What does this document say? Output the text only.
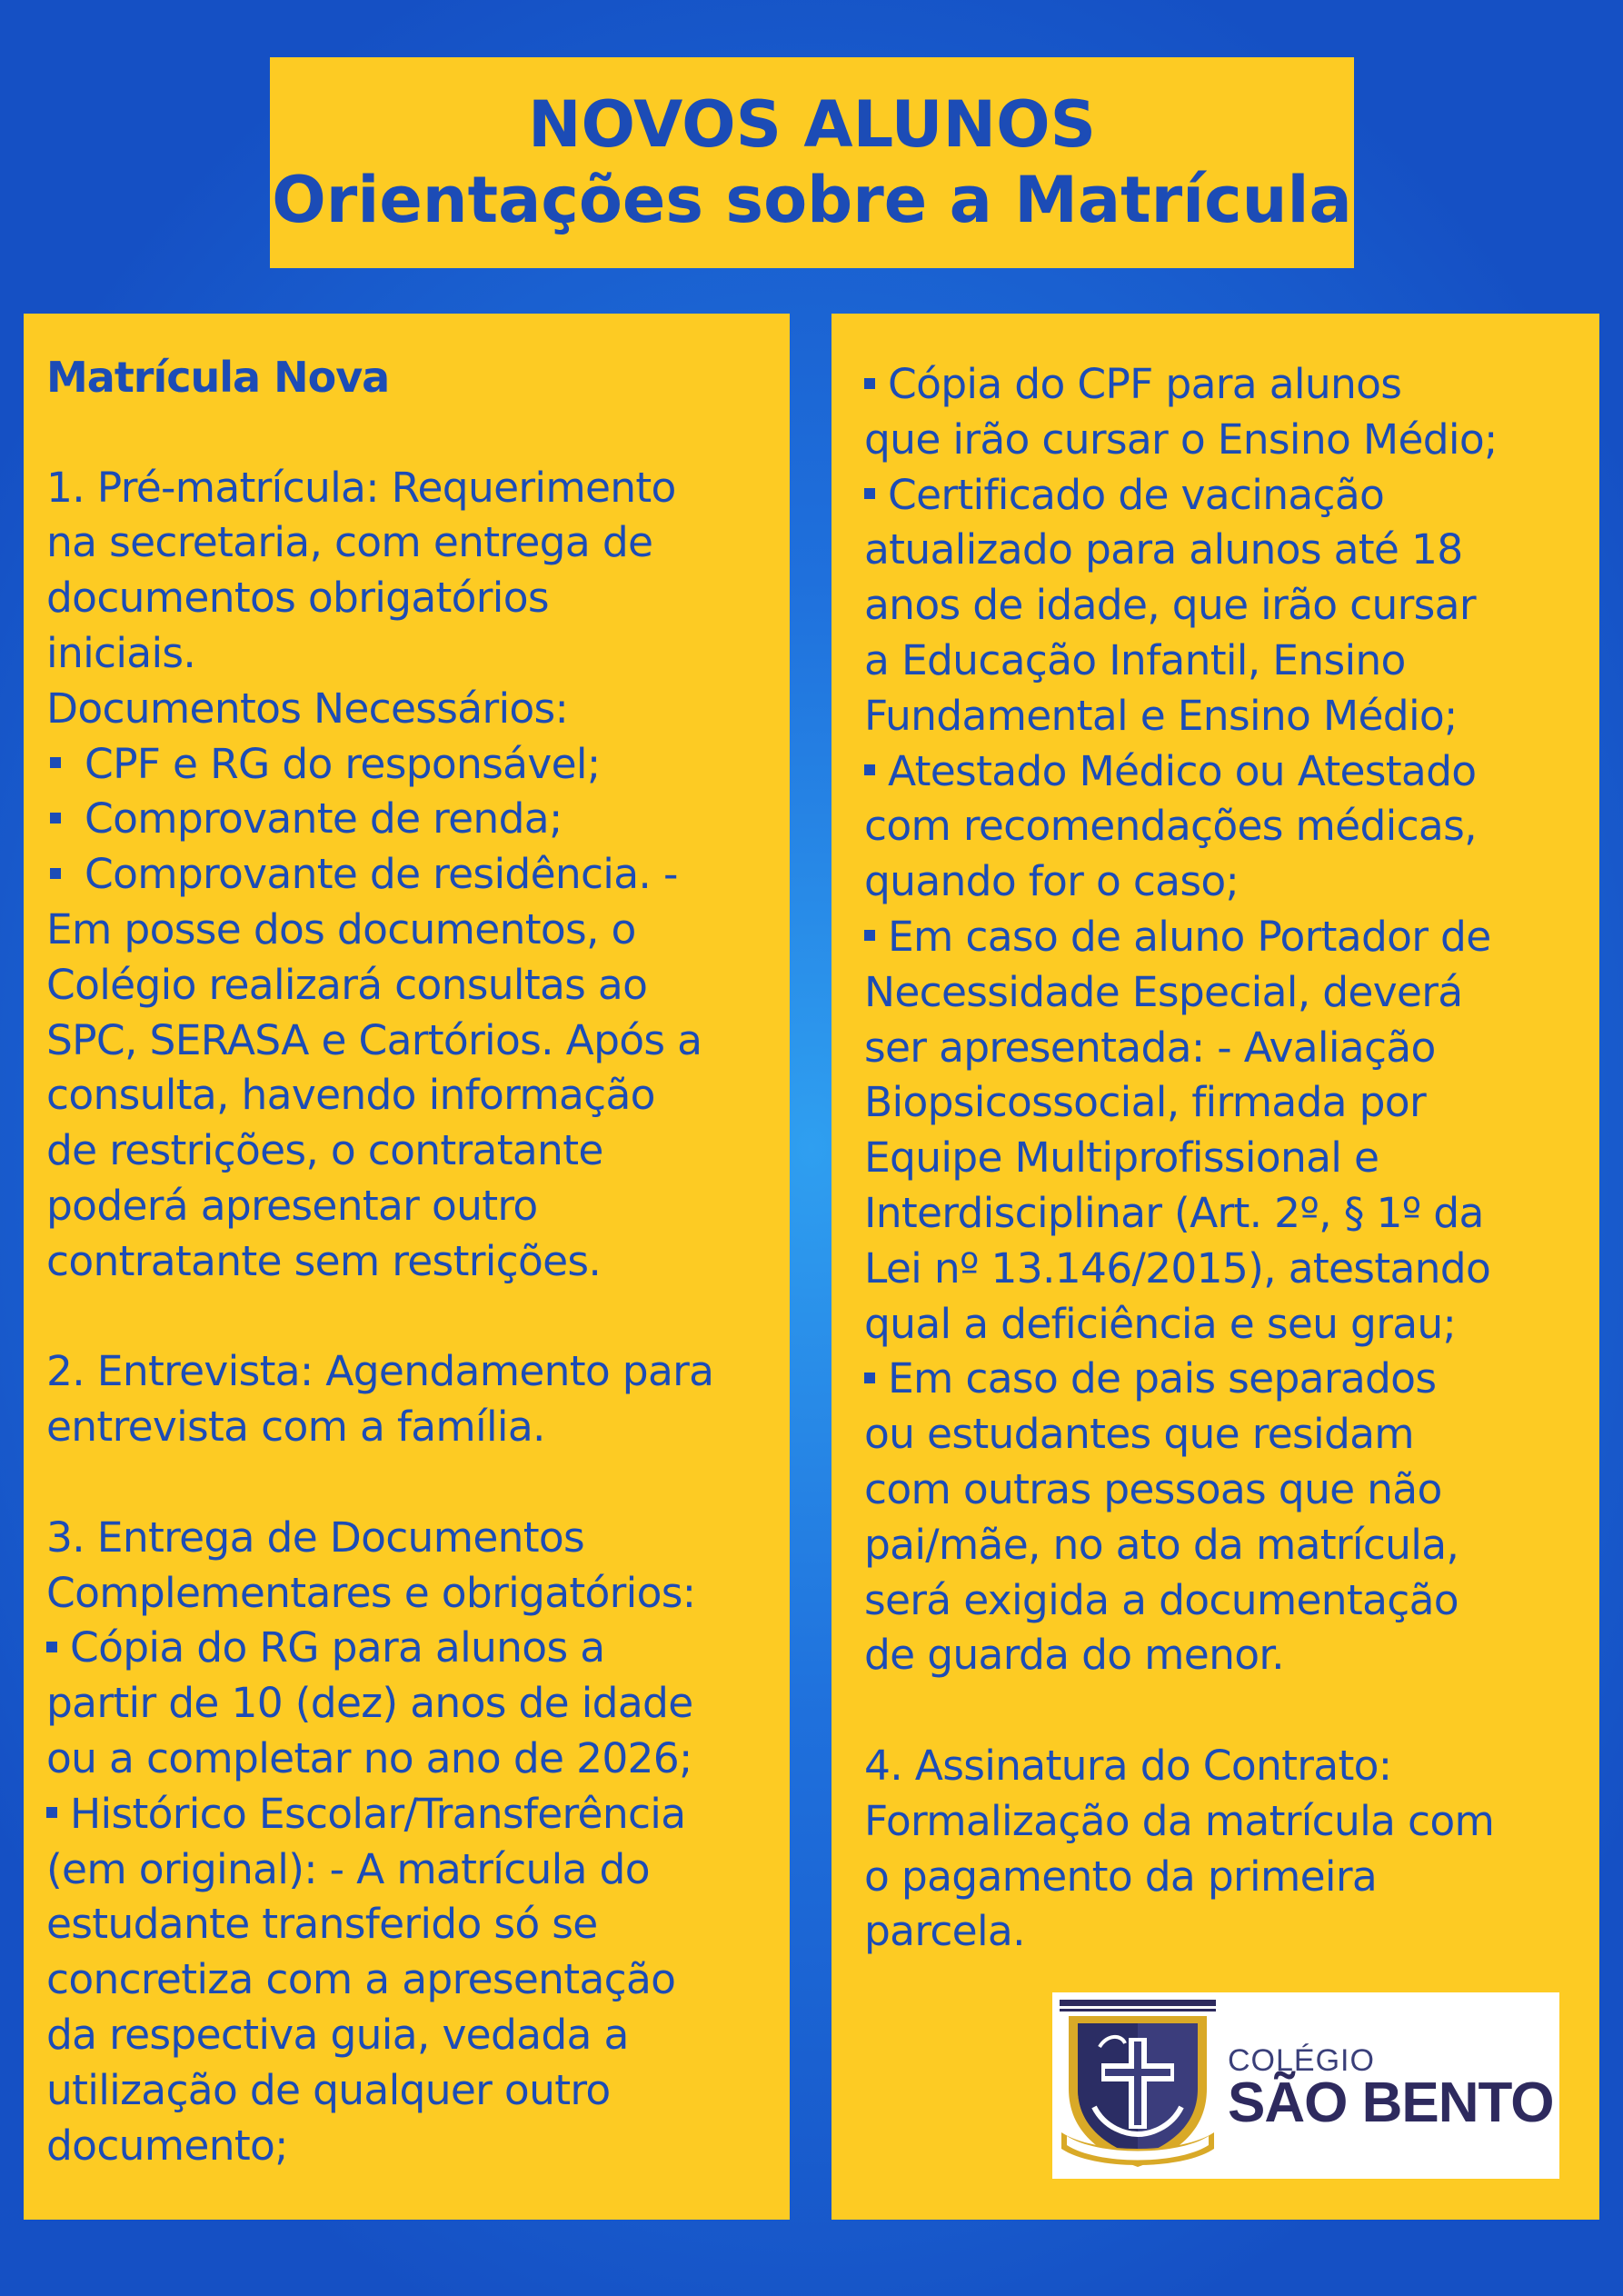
NOVOS ALUNOS
Orientações sobre a Matrícula
Matrícula Nova
1. Pré-matrícula: Requerimento
na secretaria, com entrega de
documentos obrigatórios
iniciais.
Documentos Necessários:
CPF e RG do responsável;
Comprovante de renda;
Comprovante de residência. -
Em posse dos documentos, o
Colégio realizará consultas ao
SPC, SERASA e Cartórios. Após a
consulta, havendo informação
de restrições, o contratante
poderá apresentar outro
contratante sem restrições.
2. Entrevista: Agendamento para
entrevista com a família.
3. Entrega de Documentos
Complementares e obrigatórios:
Cópia do RG para alunos a
partir de 10 (dez) anos de idade
ou a completar no ano de 2026;
Histórico Escolar/Transferência
(em original): - A matrícula do
estudante transferido só se
concretiza com a apresentação
da respectiva guia, vedada a
utilização de qualquer outro
documento;
Cópia do CPF para alunos
que irão cursar o Ensino Médio;
Certificado de vacinação
atualizado para alunos até 18
anos de idade, que irão cursar
a Educação Infantil, Ensino
Fundamental e Ensino Médio;
Atestado Médico ou Atestado
com recomendações médicas,
quando for o caso;
Em caso de aluno Portador de
Necessidade Especial, deverá
ser apresentada: - Avaliação
Biopsicossocial, firmada por
Equipe Multiprofissional e
Interdisciplinar (Art. 2º, § 1º da
Lei nº 13.146/2015), atestando
qual a deficiência e seu grau;
Em caso de pais separados
ou estudantes que residam
com outras pessoas que não
pai/mãe, no ato da matrícula,
será exigida a documentação
de guarda do menor.
4. Assinatura do Contrato:
Formalização da matrícula com
o pagamento da primeira
parcela.
COLÉGIO
SÃO BENTO
